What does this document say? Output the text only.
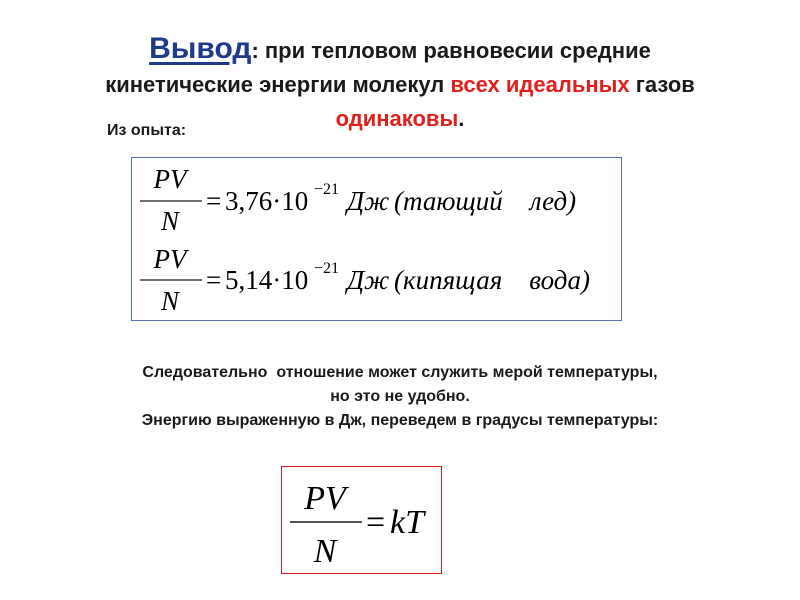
Вывод: при тепловом равновесии средние
кинетические энергии молекул всех идеальных газов
одинаковы.
Из опыта:
PV
N
= 3,76·10 −21 Дж (тающий    лед)
PV
N
= 5,14·10 −21 Дж (кипящая    вода)
Следовательно  отношение может служить мерой температуры,
но это не удобно.
Энергию выраженную в Дж, переведем в градусы температуры:
PV
N
= kT
